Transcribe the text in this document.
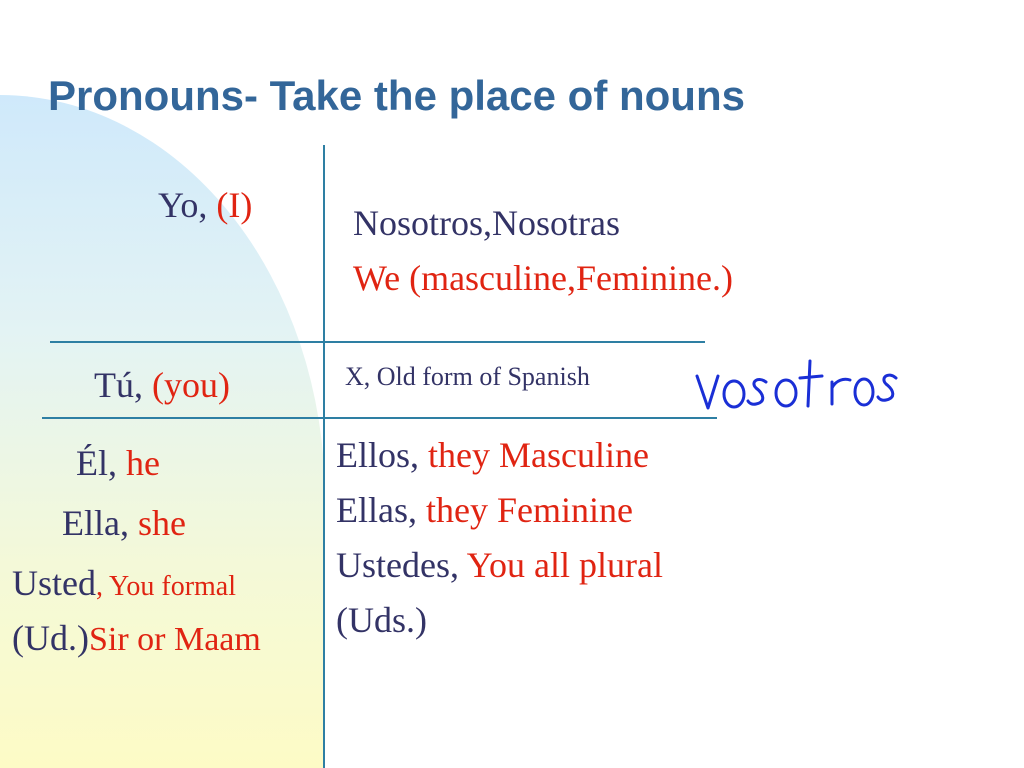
Pronouns- Take the place of nouns
Yo, (I)	Nosotros,Nosotras
We (masculine,Feminine.)
Tú, (you)	X, Old form of Spanish
Él, he
Ella, she
Usted, You formal
(Ud.)Sir or Maam
Ellos, they Masculine
Ellas, they Feminine
Ustedes, You all plural
(Uds.)
